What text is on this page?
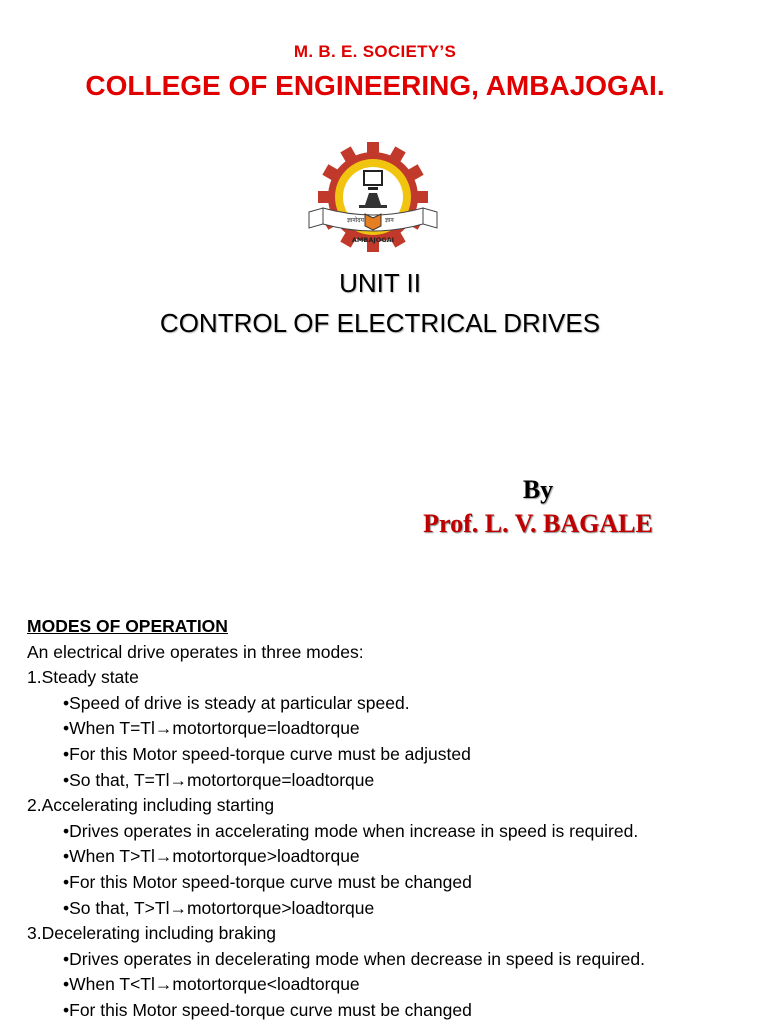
M. B. E. SOCIETY’S
COLLEGE OF ENGINEERING, AMBAJOGAI.
ज्ञानोदय	ज्ञान
AMBAJOGAI
UNIT II
CONTROL OF ELECTRICAL DRIVES
By
Prof. L. V. BAGALE
MODES OF OPERATION
An electrical drive operates in three modes:
1.Steady state
•Speed of drive is steady at particular speed.
•When T=Tl→motortorque=loadtorque
•For this Motor speed-torque curve must be adjusted
•So that, T=Tl→motortorque=loadtorque
2.Accelerating including starting
•Drives operates in accelerating mode when increase in speed is required.
•When T>Tl→motortorque>loadtorque
•For this Motor speed-torque curve must be changed
•So that, T>Tl→motortorque>loadtorque
3.Decelerating including braking
•Drives operates in decelerating mode when decrease in speed is required.
•When T<Tl→motortorque<loadtorque
•For this Motor speed-torque curve must be changed
